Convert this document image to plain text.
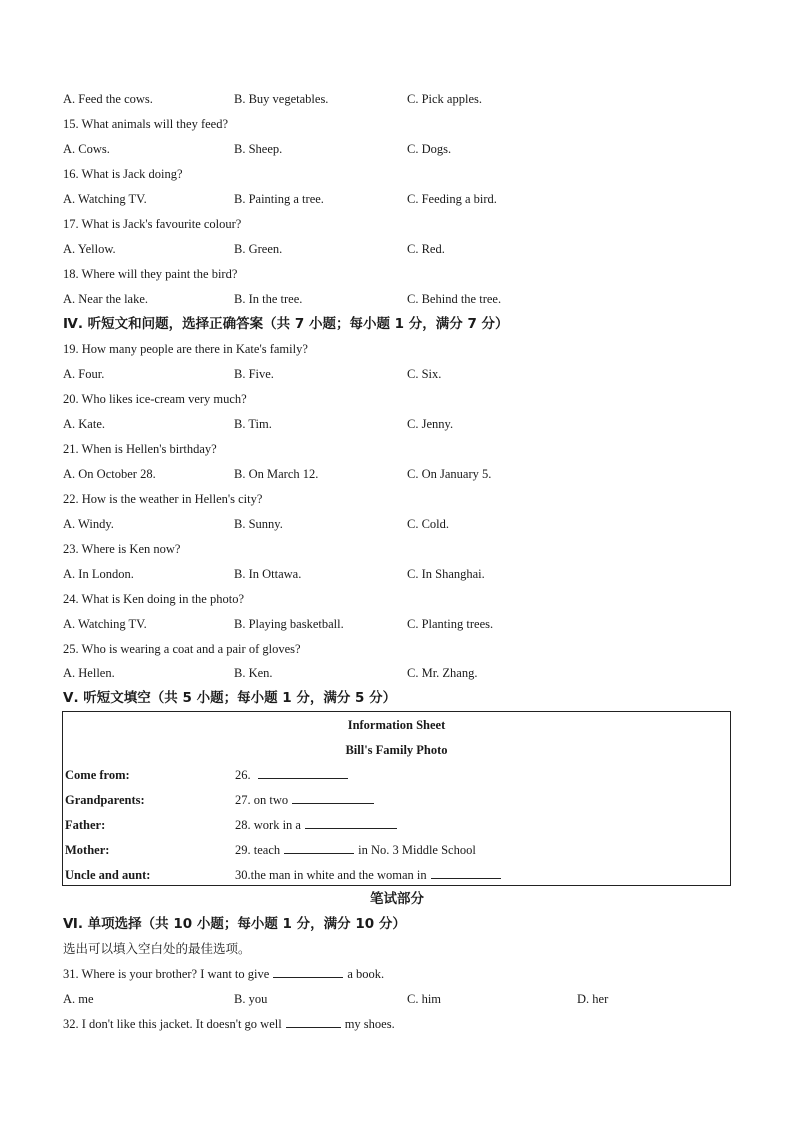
A. Feed the cows.	B. Buy vegetables.	C. Pick apples.
15. What animals will they feed?
A. Cows.	B. Sheep.	C. Dogs.
16. What is Jack doing?
A. Watching TV.	B. Painting a tree.	C. Feeding a bird.
17. What is Jack's favourite colour?
A. Yellow.	B. Green.	C. Red.
18. Where will they paint the bird?
A. Near the lake.	B. In the tree.	C. Behind the tree.
Ⅳ. 听短文和问题，选择正确答案（共 7 小题；每小题 1 分，满分 7 分）
19. How many people are there in Kate's family?
A. Four.	B. Five.	C. Six.
20. Who likes ice-cream very much?
A. Kate.	B. Tim.	C. Jenny.
21. When is Hellen's birthday?
A. On October 28.	B. On March 12.	C. On January 5.
22. How is the weather in Hellen's city?
A. Windy.	B. Sunny.	C. Cold.
23. Where is Ken now?
A. In London.	B. In Ottawa.	C. In Shanghai.
24. What is Ken doing in the photo?
A. Watching TV.	B. Playing basketball.	C. Planting trees.
25. Who is wearing a coat and a pair of gloves?
A. Hellen.	B. Ken.	C. Mr. Zhang.
Ⅴ. 听短文填空（共 5 小题；每小题 1 分，满分 5 分）
Information Sheet
Bill's Family Photo
Come from:	26.
Grandparents:	27. on two
Father:	28. work in a
Mother:	29. teach	in No. 3 Middle School
Uncle and aunt:	30.the man in white and the woman in
笔试部分
Ⅵ. 单项选择（共 10 小题；每小题 1 分，满分 10 分）
选出可以填入空白处的最佳选项。
31. Where is your brother? I want to give	a book.
A. me	B. you	C. him	D. her
32. I don't like this jacket. It doesn't go well	my shoes.
